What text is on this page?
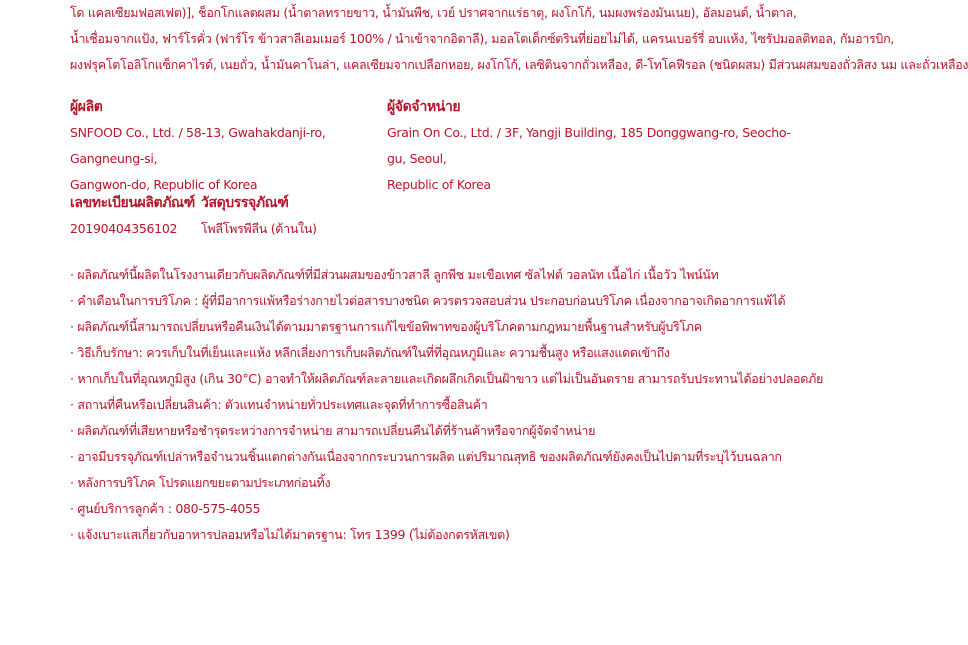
โด แคลเซียมฟอสเฟต)], ช็อกโกแลตผสม (น้ำตาลทรายขาว, น้ำมันพืช, เวย์ ปราศจากแร่ธาตุ, ผงโกโก้, นมผงพร่องมันเนย), อัลมอนด์, น้ำตาล,

น้ำเชื่อมจากแป้ง, ฟาร์โรคั่ว (ฟาร์โร ข้าวสาลีเอมเมอร์ 100% / นำเข้าจากอิตาลี), มอลโตเด็กซ์ตรินที่ย่อยไม่ได้, แครนเบอร์รี่ อบแห้ง, ไซรัปมอลติทอล, กัมอารบิก,

ผงฟรุคโตโอลิโกแซ็กคาไรด์, เนยถั่ว, น้ำมันคาโนล่า, แคลเซียมจากเปลือกหอย, ผงโกโก้, เลซิตินจากถั่วเหลือง, ดี-โทโคฟีรอล (ชนิดผสม) มีส่วนผสมของถั่วลิสง นม และถั่วเหลือง

ผู้ผลิต

SNFOOD Co., Ltd. / 58-13, Gwahakdanji-ro, Gangneung-si,

Gangwon-do, Republic of Korea

ผู้จัดจำหน่าย

Grain On Co., Ltd. / 3F, Yangji Building, 185 Donggwang-ro, Seocho-gu, Seoul,

Republic of Korea

เลขทะเบียนผลิตภัณฑ์

20190404356102

วัสดุบรรจุภัณฑ์

โพลีโพรพีลีน (ด้านใน)

· ผลิตภัณฑ์นี้ผลิตในโรงงานเดียวกับผลิตภัณฑ์ที่มีส่วนผสมของข้าวสาลี ลูกพีช มะเขือเทศ ซัลไฟต์ วอลนัท เนื้อไก่ เนื้อวัว ไพน์นัท
· คำเตือนในการบริโภค : ผู้ที่มีอาการแพ้หรือร่างกายไวต่อสารบางชนิด ควรตรวจสอบส่วน ประกอบก่อนบริโภค เนื่องจากอาจเกิดอาการแพ้ได้
· ผลิตภัณฑ์นี้สามารถเปลี่ยนหรือคืนเงินได้ตามมาตรฐานการแก้ไขข้อพิพาทของผู้บริโภคตามกฎหมายพื้นฐานสำหรับผู้บริโภค
· วิธีเก็บรักษา: ควรเก็บในที่เย็นและแห้ง หลีกเลี่ยงการเก็บผลิตภัณฑ์ในที่ที่อุณหภูมิและ ความชื้นสูง หรือแสงแดดเข้าถึง
· หากเก็บในที่อุณหภูมิสูง (เกิน 30°C) อาจทำให้ผลิตภัณฑ์ละลายและเกิดผลึกเกิดเป็นฝ้าขาว แต่ไม่เป็นอันตราย สามารถรับประทานได้อย่างปลอดภัย
· สถานที่คืนหรือเปลี่ยนสินค้า: ตัวแทนจำหน่ายทั่วประเทศและจุดที่ทำการซื้อสินค้า
· ผลิตภัณฑ์ที่เสียหายหรือชำรุดระหว่างการจำหน่าย สามารถเปลี่ยนคืนได้ที่ร้านค้าหรือจากผู้จัดจำหน่าย
· อาจมีบรรจุภัณฑ์เปล่าหรือจำนวนชิ้นแตกต่างกันเนื่องจากกระบวนการผลิต แต่ปริมาณสุทธิ ของผลิตภัณฑ์ยังคงเป็นไปตามที่ระบุไว้บนฉลาก
· หลังการบริโภค โปรดแยกขยะตามประเภทก่อนทิ้ง
· ศูนย์บริการลูกค้า : 080-575-4055
· แจ้งเบาะแสเกี่ยวกับอาหารปลอมหรือไม่ได้มาตรฐาน: โทร 1399 (ไม่ต้องกดรหัสเขต)
